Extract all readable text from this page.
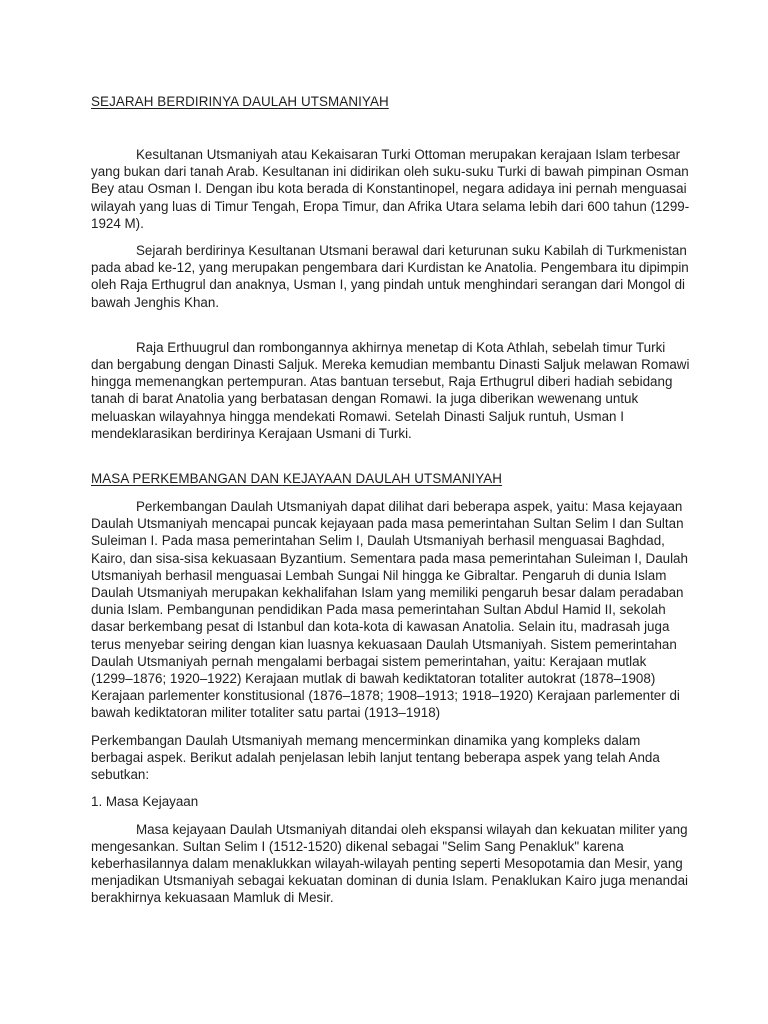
SEJARAH BERDIRINYA DAULAH UTSMANIYAH

Kesultanan Utsmaniyah atau Kekaisaran Turki Ottoman merupakan kerajaan Islam terbesar yang bukan dari tanah Arab. Kesultanan ini didirikan oleh suku-suku Turki di bawah pimpinan Osman Bey atau Osman I. Dengan ibu kota berada di Konstantinopel, negara adidaya ini pernah menguasai wilayah yang luas di Timur Tengah, Eropa Timur, dan Afrika Utara selama lebih dari 600 tahun (1299-1924 M).

Sejarah berdirinya Kesultanan Utsmani berawal dari keturunan suku Kabilah di Turkmenistan pada abad ke-12, yang merupakan pengembara dari Kurdistan ke Anatolia. Pengembara itu dipimpin oleh Raja Erthugrul dan anaknya, Usman I, yang pindah untuk menghindari serangan dari Mongol di bawah Jenghis Khan.

Raja Erthuugrul dan rombongannya akhirnya menetap di Kota Athlah, sebelah timur Turki dan bergabung dengan Dinasti Saljuk. Mereka kemudian membantu Dinasti Saljuk melawan Romawi hingga memenangkan pertempuran. Atas bantuan tersebut, Raja Erthugrul diberi hadiah sebidang tanah di barat Anatolia yang berbatasan dengan Romawi. Ia juga diberikan wewenang untuk meluaskan wilayahnya hingga mendekati Romawi. Setelah Dinasti Saljuk runtuh, Usman I mendeklarasikan berdirinya Kerajaan Usmani di Turki.

MASA PERKEMBANGAN DAN KEJAYAAN DAULAH UTSMANIYAH

Perkembangan Daulah Utsmaniyah dapat dilihat dari beberapa aspek, yaitu: Masa kejayaan Daulah Utsmaniyah mencapai puncak kejayaan pada masa pemerintahan Sultan Selim I dan Sultan Suleiman I. Pada masa pemerintahan Selim I, Daulah Utsmaniyah berhasil menguasai Baghdad, Kairo, dan sisa-sisa kekuasaan Byzantium. Sementara pada masa pemerintahan Suleiman I, Daulah Utsmaniyah berhasil menguasai Lembah Sungai Nil hingga ke Gibraltar. Pengaruh di dunia Islam Daulah Utsmaniyah merupakan kekhalifahan Islam yang memiliki pengaruh besar dalam peradaban dunia Islam. Pembangunan pendidikan Pada masa pemerintahan Sultan Abdul Hamid II, sekolah dasar berkembang pesat di Istanbul dan kota-kota di kawasan Anatolia. Selain itu, madrasah juga terus menyebar seiring dengan kian luasnya kekuasaan Daulah Utsmaniyah. Sistem pemerintahan Daulah Utsmaniyah pernah mengalami berbagai sistem pemerintahan, yaitu: Kerajaan mutlak (1299–1876; 1920–1922) Kerajaan mutlak di bawah kediktatoran totaliter autokrat (1878–1908) Kerajaan parlementer konstitusional (1876–1878; 1908–1913; 1918–1920) Kerajaan parlementer di bawah kediktatoran militer totaliter satu partai (1913–1918)

Perkembangan Daulah Utsmaniyah memang mencerminkan dinamika yang kompleks dalam berbagai aspek. Berikut adalah penjelasan lebih lanjut tentang beberapa aspek yang telah Anda sebutkan:

1. Masa Kejayaan

Masa kejayaan Daulah Utsmaniyah ditandai oleh ekspansi wilayah dan kekuatan militer yang mengesankan. Sultan Selim I (1512-1520) dikenal sebagai "Selim Sang Penakluk" karena keberhasilannya dalam menaklukkan wilayah-wilayah penting seperti Mesopotamia dan Mesir, yang menjadikan Utsmaniyah sebagai kekuatan dominan di dunia Islam. Penaklukan Kairo juga menandai berakhirnya kekuasaan Mamluk di Mesir.
